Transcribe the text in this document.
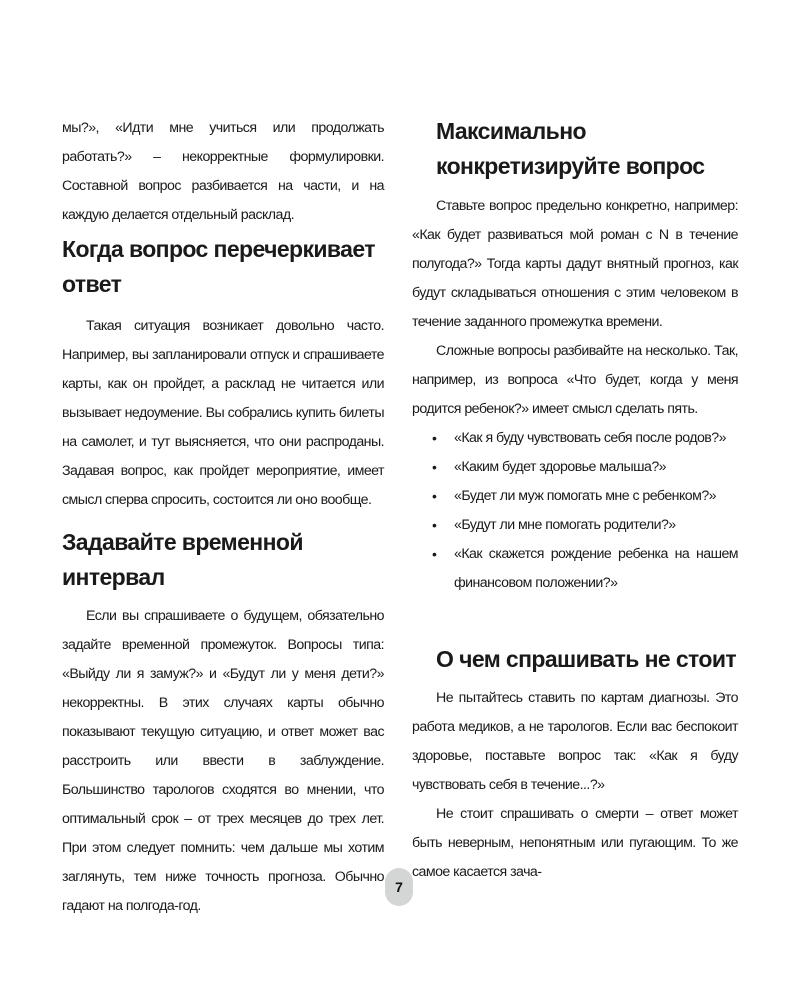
мы?», «Идти мне учиться или продолжать работать?» – некорректные формулировки. Составной вопрос разбивается на части, и на каждую делается отдельный расклад.

Когда вопрос перечеркивает ответ

Такая ситуация возникает довольно часто. Например, вы запланировали отпуск и спрашиваете карты, как он пройдет, а расклад не читается или вызывает недоумение. Вы собрались купить билеты на самолет, и тут выясняется, что они распроданы. Задавая вопрос, как пройдет мероприятие, имеет смысл сперва спросить, состоится ли оно вообще.

Задавайте временной интервал

Если вы спрашиваете о будущем, обязательно задайте временной промежуток. Вопросы типа: «Выйду ли я замуж?» и «Будут ли у меня дети?» некорректны. В этих случаях карты обычно показывают текущую ситуацию, и ответ может вас расстроить или ввести в заблуждение. Большинство тарологов сходятся во мнении, что оптимальный срок – от трех месяцев до трех лет. При этом следует помнить: чем дальше мы хотим заглянуть, тем ниже точность прогноза. Обычно гадают на полгода-год.

Максимально конкретизируйте вопрос

Ставьте вопрос предельно конкретно, например: «Как будет развиваться мой роман с N в течение полугода?» Тогда карты дадут внятный прогноз, как будут складываться отношения с этим человеком в течение заданного промежутка времени.

Сложные вопросы разбивайте на несколько. Так, например, из вопроса «Что будет, когда у меня родится ребенок?» имеет смысл сделать пять.

• «Как я буду чувствовать себя после родов?»
• «Каким будет здоровье малыша?»
• «Будет ли муж помогать мне с ребенком?»
• «Будут ли мне помогать родители?»
• «Как скажется рождение ребенка на нашем финансовом положении?»
О чем спрашивать не стоит

Не пытайтесь ставить по картам диагнозы. Это работа медиков, а не тарологов. Если вас беспокоит здоровье, поставьте вопрос так: «Как я буду чувствовать себя в течение...?»

Не стоит спрашивать о смерти – ответ может быть неверным, непонятным или пугающим. То же самое касается зача-

7
